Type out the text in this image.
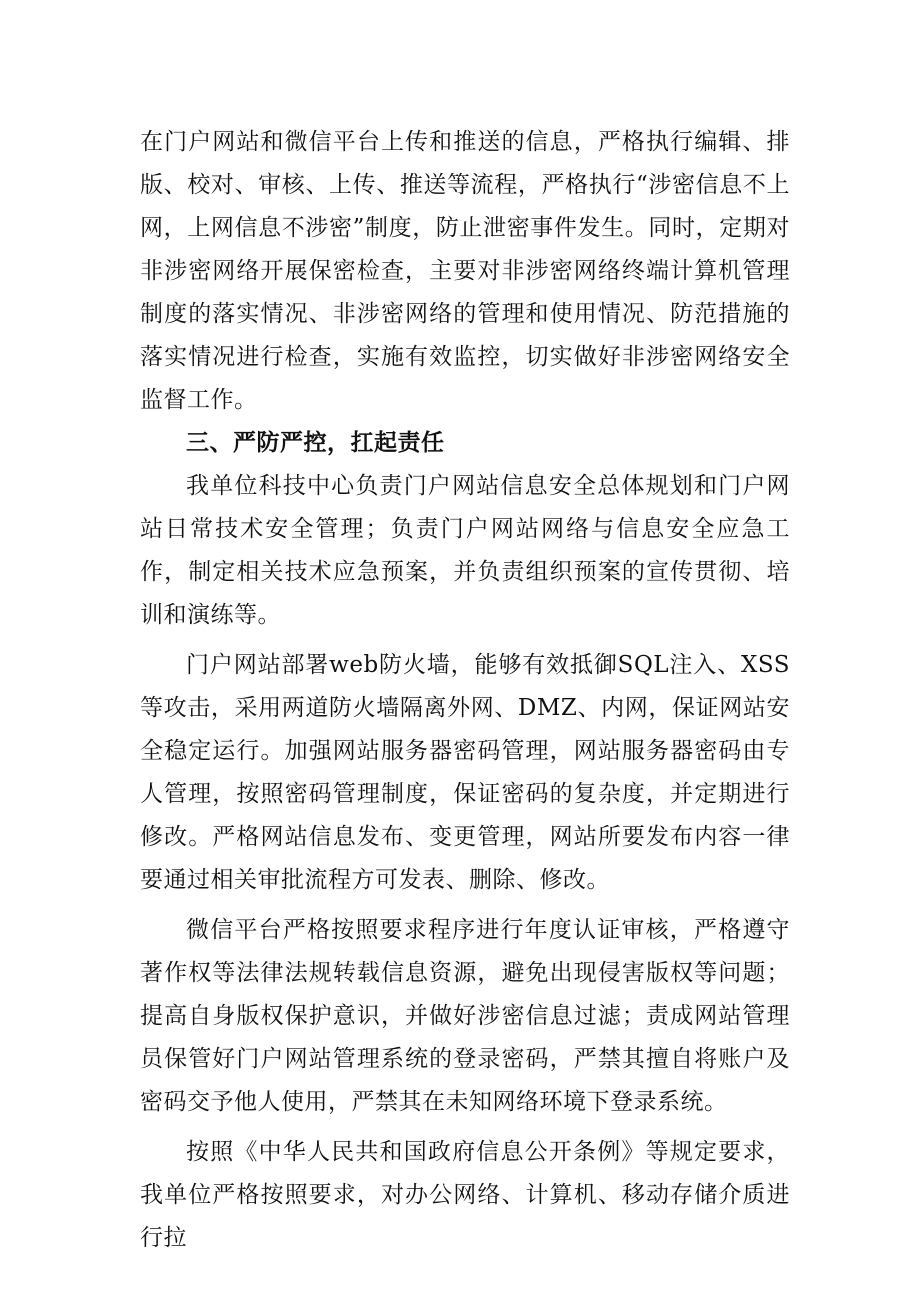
在门户网站和微信平台上传和推送的信息，严格执行编辑、排版、校对、审核、上传、推送等流程，严格执行“涉密信息不上网，上网信息不涉密”制度，防止泄密事件发生。同时，定期对非涉密网络开展保密检查，主要对非涉密网络终端计算机管理制度的落实情况、非涉密网络的管理和使用情况、防范措施的落实情况进行检查，实施有效监控，切实做好非涉密网络安全监督工作。

三、严防严控，扛起责任

我单位科技中心负责门户网站信息安全总体规划和门户网站日常技术安全管理；负责门户网站网络与信息安全应急工作，制定相关技术应急预案，并负责组织预案的宣传贯彻、培训和演练等。

门户网站部署web防火墙，能够有效抵御SQL注入、XSS等攻击，采用两道防火墙隔离外网、DMZ、内网，保证网站安全稳定运行。加强网站服务器密码管理，网站服务器密码由专人管理，按照密码管理制度，保证密码的复杂度，并定期进行修改。严格网站信息发布、变更管理，网站所要发布内容一律要通过相关审批流程方可发表、删除、修改。

微信平台严格按照要求程序进行年度认证审核，严格遵守著作权等法律法规转载信息资源，避免出现侵害版权等问题；提高自身版权保护意识，并做好涉密信息过滤；责成网站管理员保管好门户网站管理系统的登录密码，严禁其擅自将账户及密码交予他人使用，严禁其在未知网络环境下登录系统。

按照《中华人民共和国政府信息公开条例》等规定要求，我单位严格按照要求，对办公网络、计算机、移动存储介质进行拉
